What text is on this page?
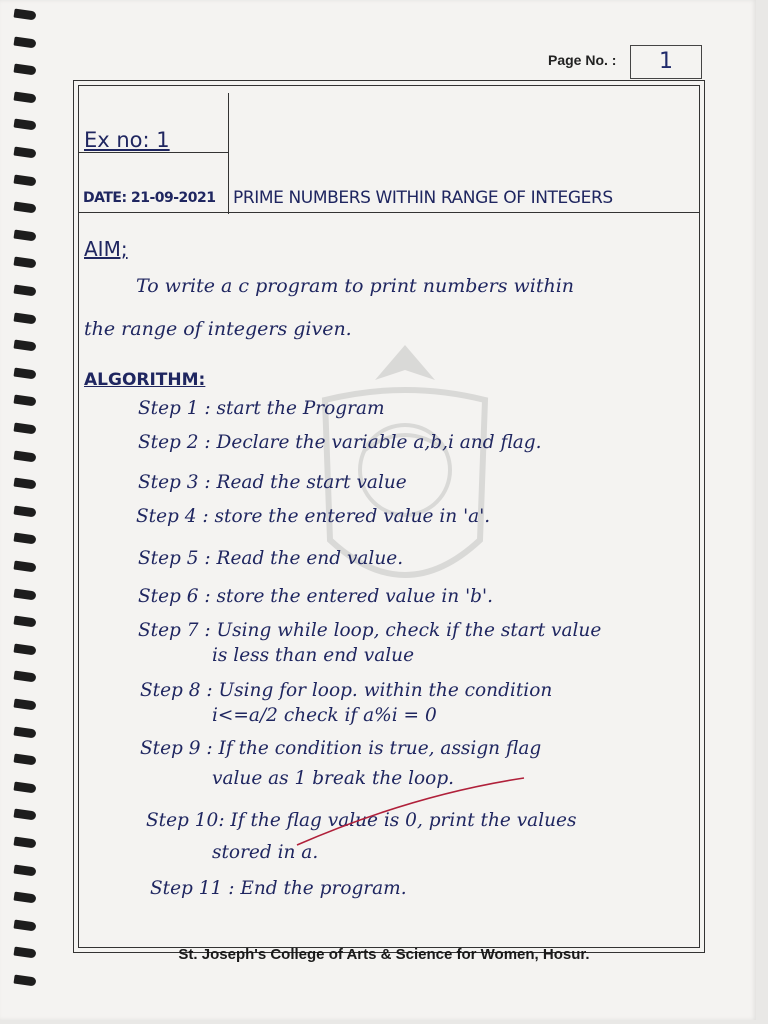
Page No. :	1
Ex no: 1
DATE: 21-09-2021 PRIME NUMBERS WITHIN RANGE OF INTEGERS
AIM;
To write a c program to print numbers within
the range of integers given.
ALGORITHM:
Step 1 : start the Program
Step 2 : Declare the variable a,b,i and flag.
Step 3 : Read the start value
Step 4 : store the entered value in 'a'.
Step 5 : Read the end value.
Step 6 : store the entered value in 'b'.
Step 7 : Using while loop, check if the start value
is less than end value
Step 8 : Using for loop. within the condition
i<=a/2 check if a%i = 0
Step 9 : If the condition is true, assign flag
value as 1 break the loop.
Step 10: If the flag value is 0, print the values
stored in a.
Step 11 : End the program.
St. Joseph's College of Arts & Science for Women, Hosur.
